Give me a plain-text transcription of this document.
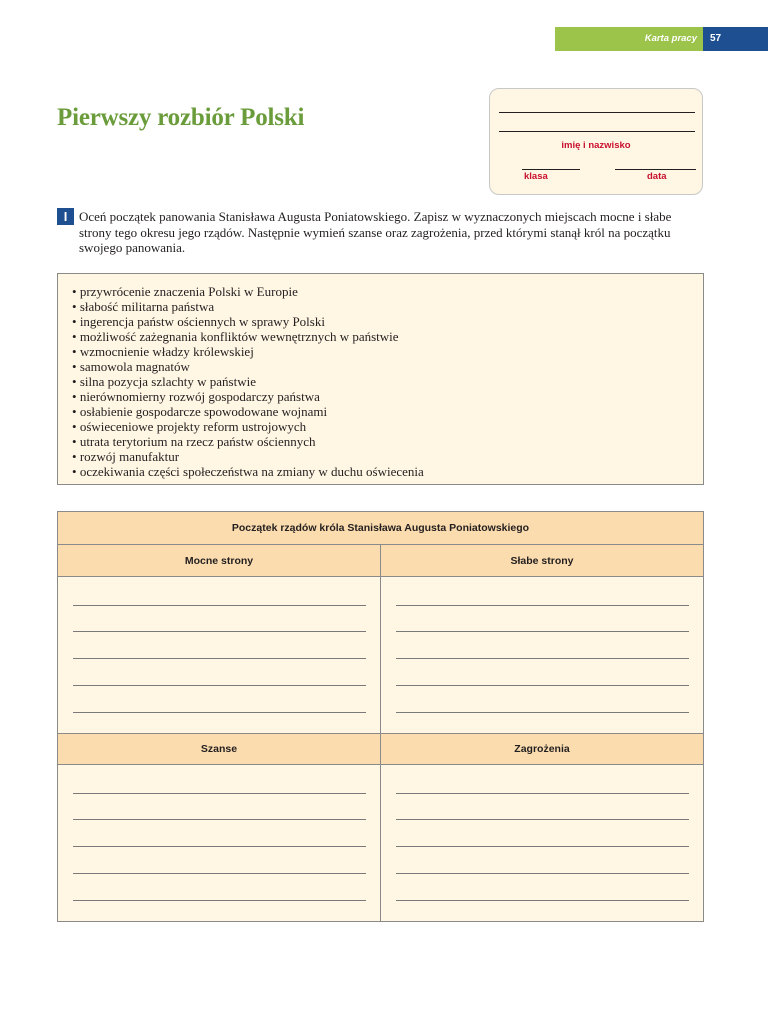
Karta pracy	57
Pierwszy rozbiór Polski
imię i nazwisko
klasa	data
I Oceń początek panowania Stanisława Augusta Poniatowskiego. Zapisz w wyznaczonych miejscach mocne i słabe strony tego okresu jego rządów. Następnie wymień szanse oraz zagrożenia, przed którymi stanął król na początku swojego panowania.

• przywrócenie znaczenia Polski w Europie
• słabość militarna państwa
• ingerencja państw ościennych w sprawy Polski
• możliwość zażegnania konfliktów wewnętrznych w państwie
• wzmocnienie władzy królewskiej
• samowola magnatów
• silna pozycja szlachty w państwie
• nierównomierny rozwój gospodarczy państwa
• osłabienie gospodarcze spowodowane wojnami
• oświeceniowe projekty reform ustrojowych
• utrata terytorium na rzecz państw ościennych
• rozwój manufaktur
• oczekiwania części społeczeństwa na zmiany w duchu oświecenia
Początek rządów króla Stanisława Augusta Poniatowskiego
Mocne strony	Słabe strony
Szanse	Zagrożenia
